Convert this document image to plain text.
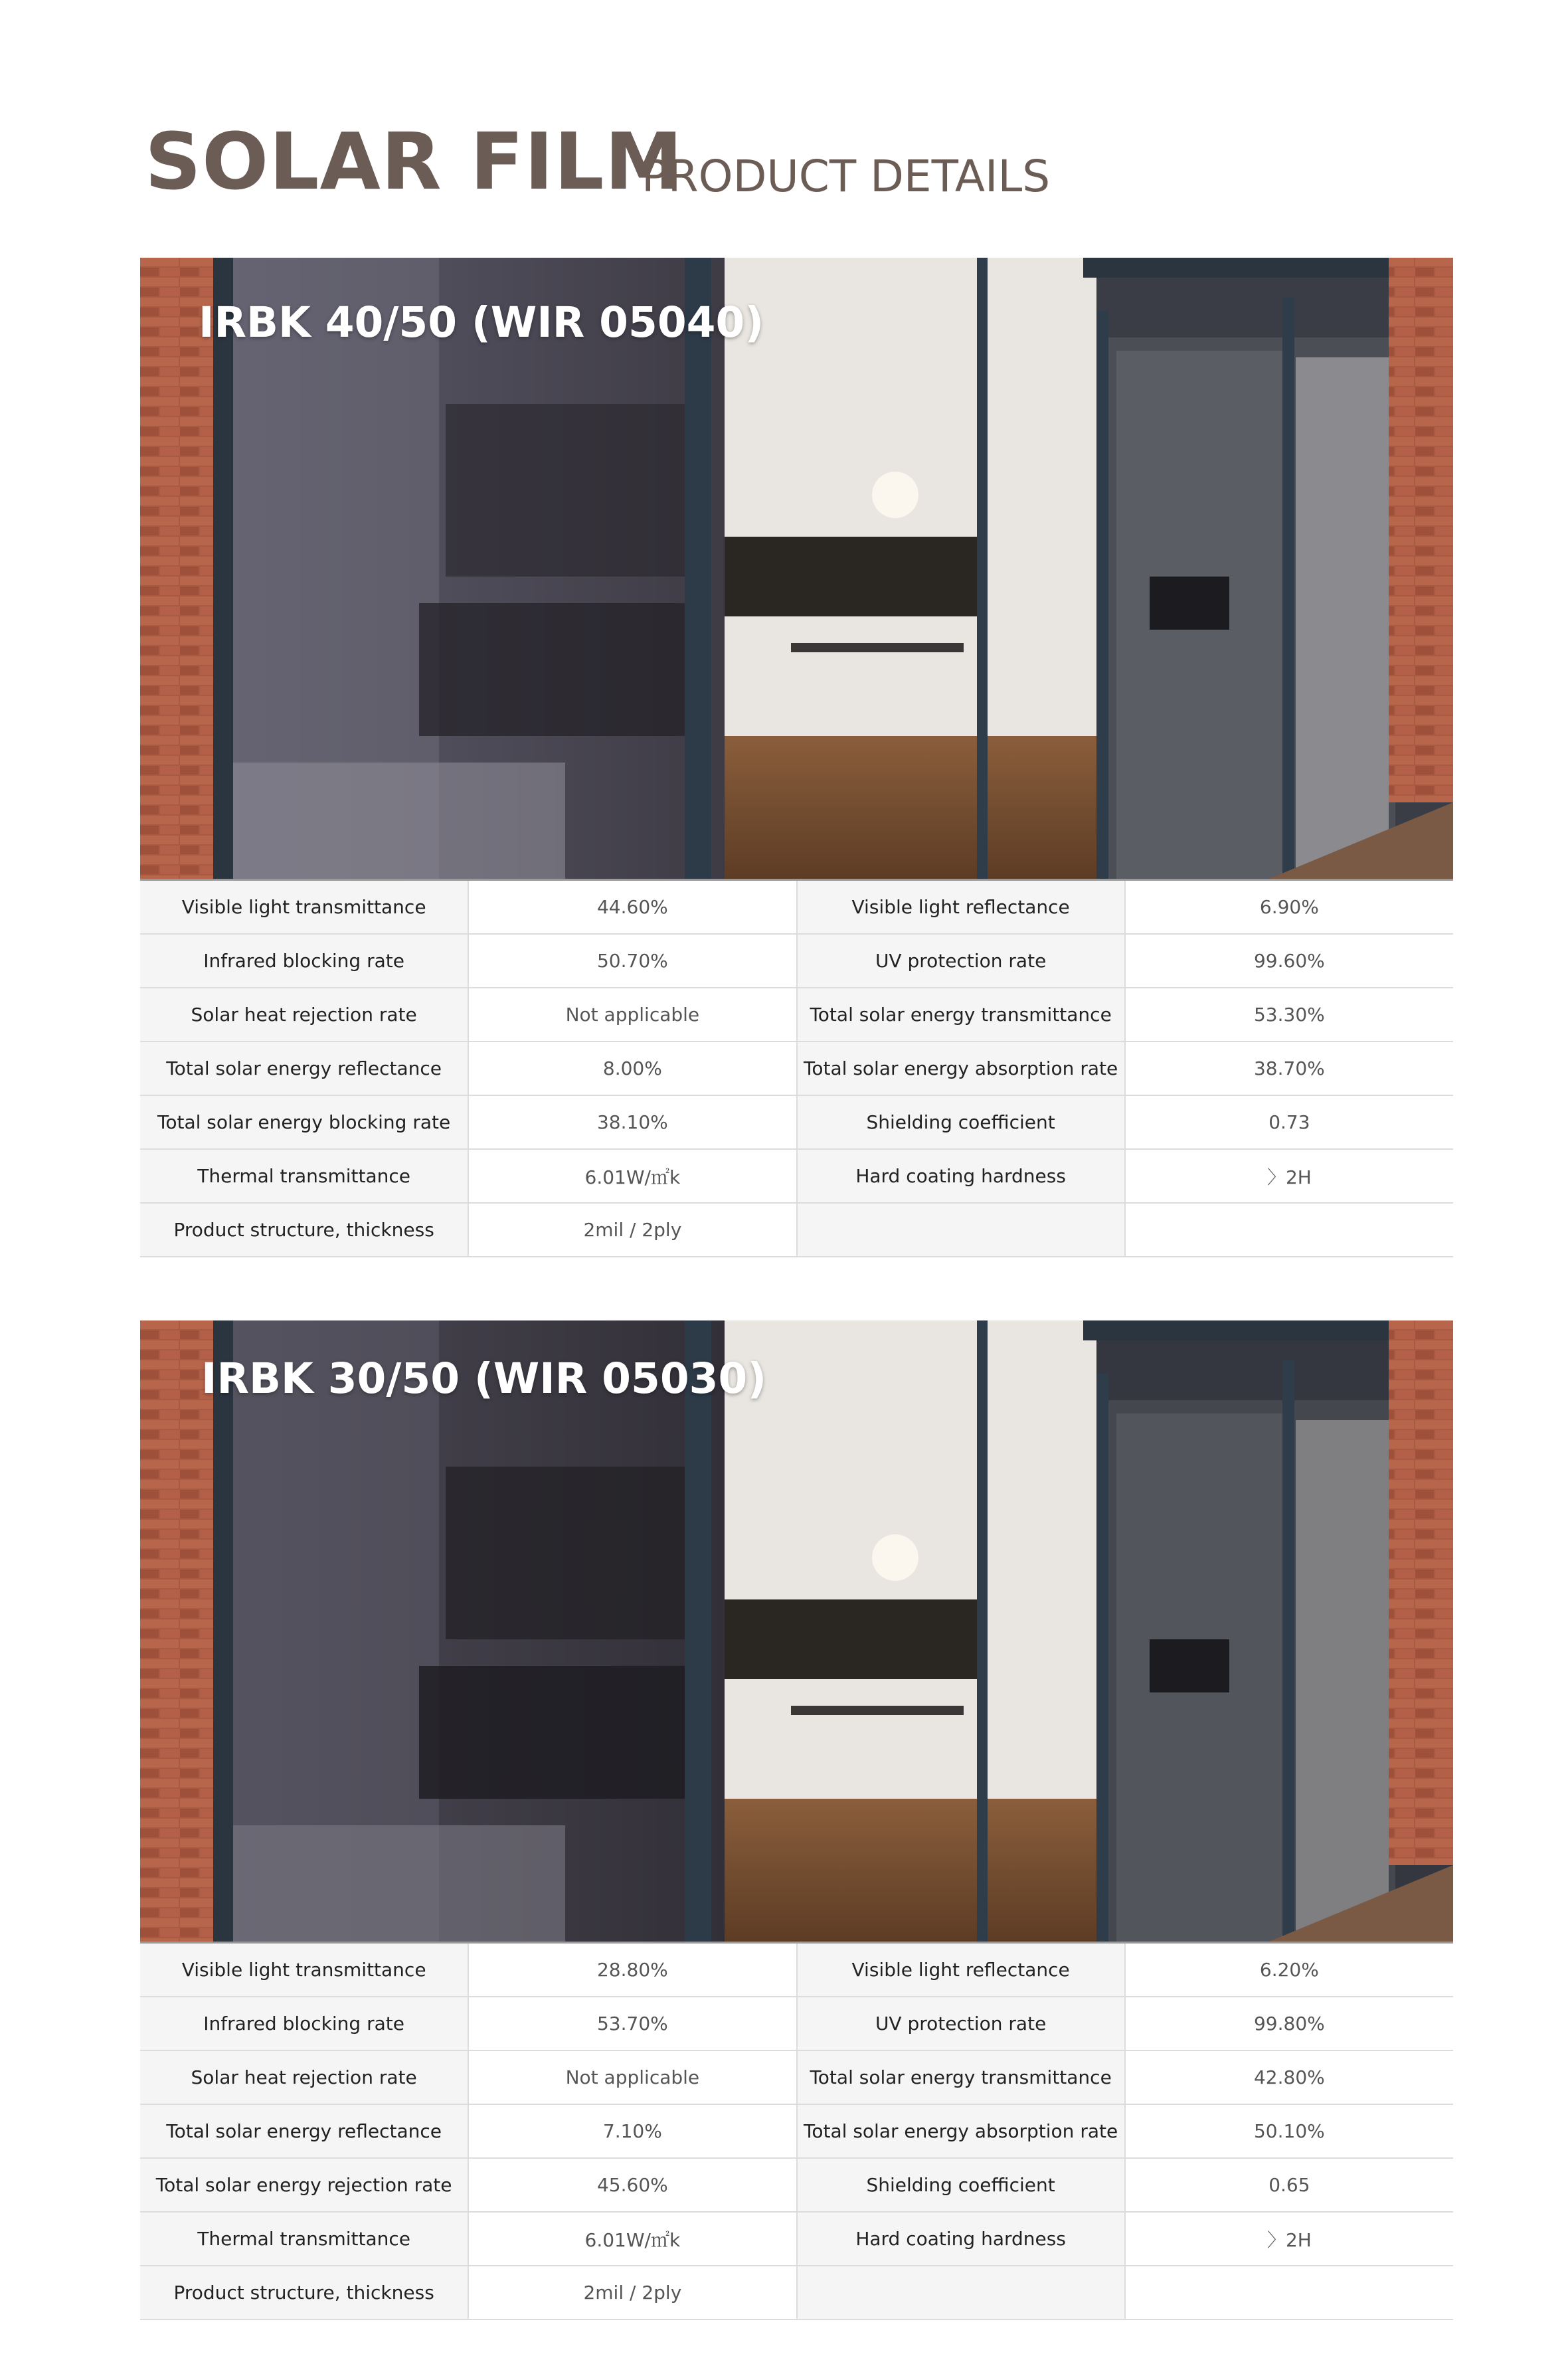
SOLAR FILM
PRODUCT DETAILS
IRBK 40/50 (WIR 05040)
Visible light transmittance	44.60%	Visible light reflectance	6.90%
Infrared blocking rate	50.70%	UV protection rate	99.60%
Solar heat rejection rate	Not applicable	Total solar energy transmittance	53.30%
Total solar energy reflectance	8.00%	Total solar energy absorption rate	38.70%
Total solar energy blocking rate	38.10%	Shielding coefficient	0.73
Thermal transmittance	6.01W/㎡k	Hard coating hardness	〉2H
Product structure, thickness	2mil / 2ply		
IRBK 30/50 (WIR 05030)
Visible light transmittance	28.80%	Visible light reflectance	6.20%
Infrared blocking rate	53.70%	UV protection rate	99.80%
Solar heat rejection rate	Not applicable	Total solar energy transmittance	42.80%
Total solar energy reflectance	7.10%	Total solar energy absorption rate	50.10%
Total solar energy rejection rate	45.60%	Shielding coefficient	0.65
Thermal transmittance	6.01W/㎡k	Hard coating hardness	〉2H
Product structure, thickness	2mil / 2ply		
